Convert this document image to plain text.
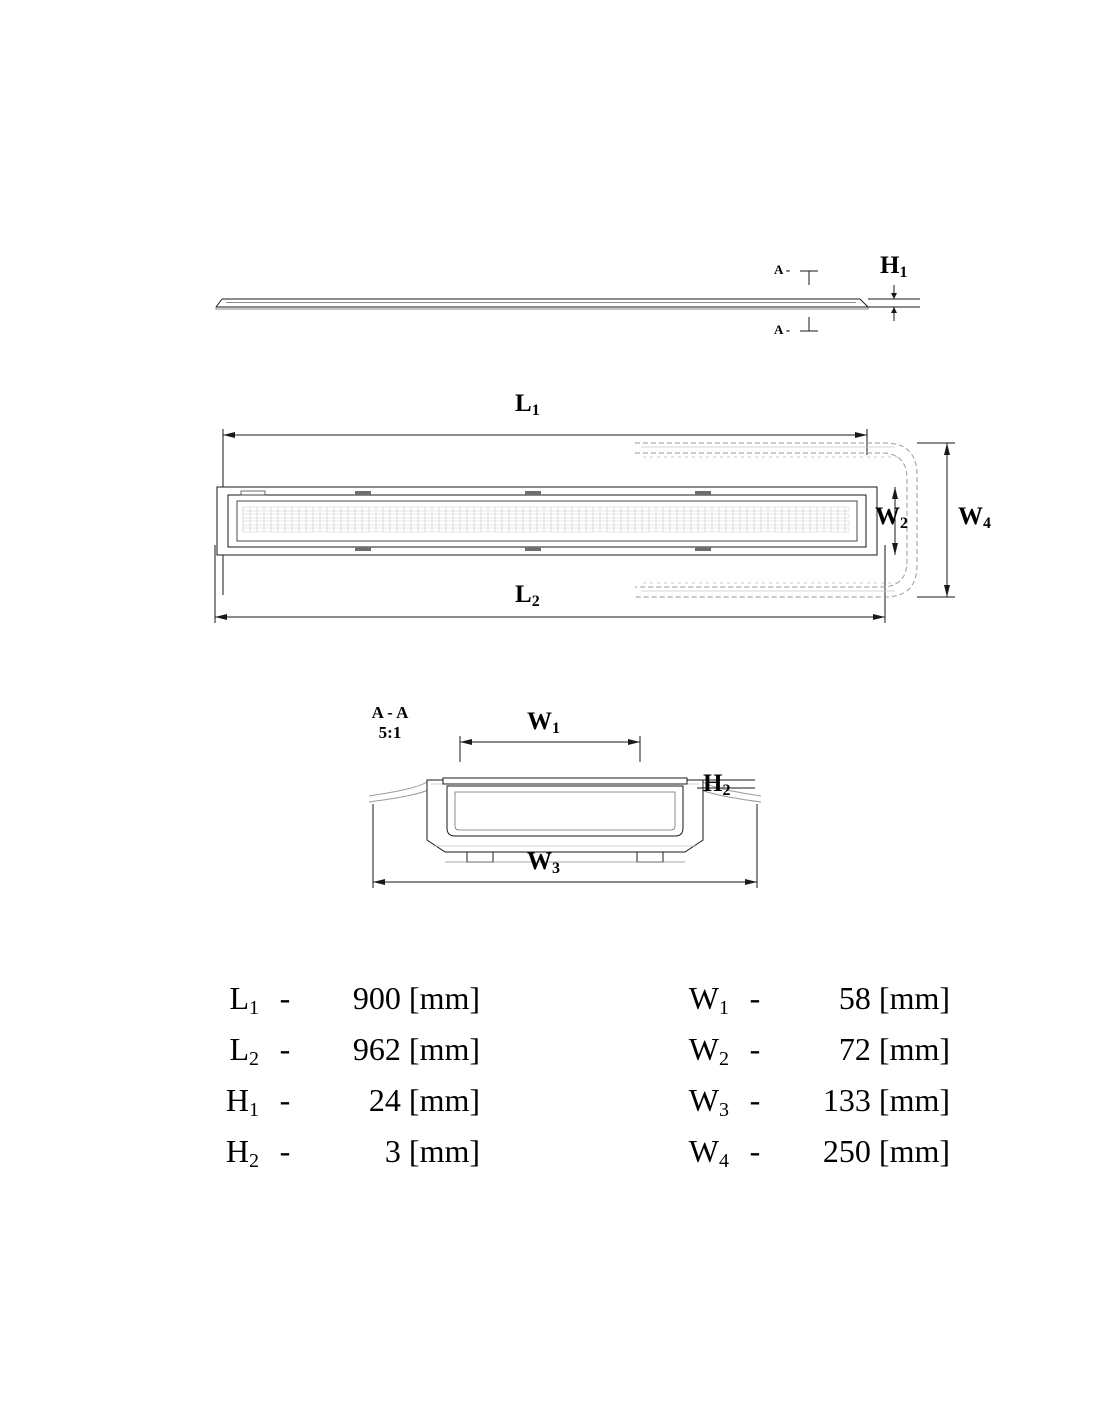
A -
A -
$H_1$
$L_1$
$L_2$
$W_2$ $W_4$
A - A
5:1	$W_1$
$H_2$
$W_3$
$L_1$ -	900 [mm]
$L_2$ -	962 [mm]
$H_1$ -	24 [mm]
$H_2$ -	3 [mm]
$W_1$ -	58 [mm]
$W_2$ -	72 [mm]
$W_3$ -	133 [mm]
$W_4$ -	250 [mm]
